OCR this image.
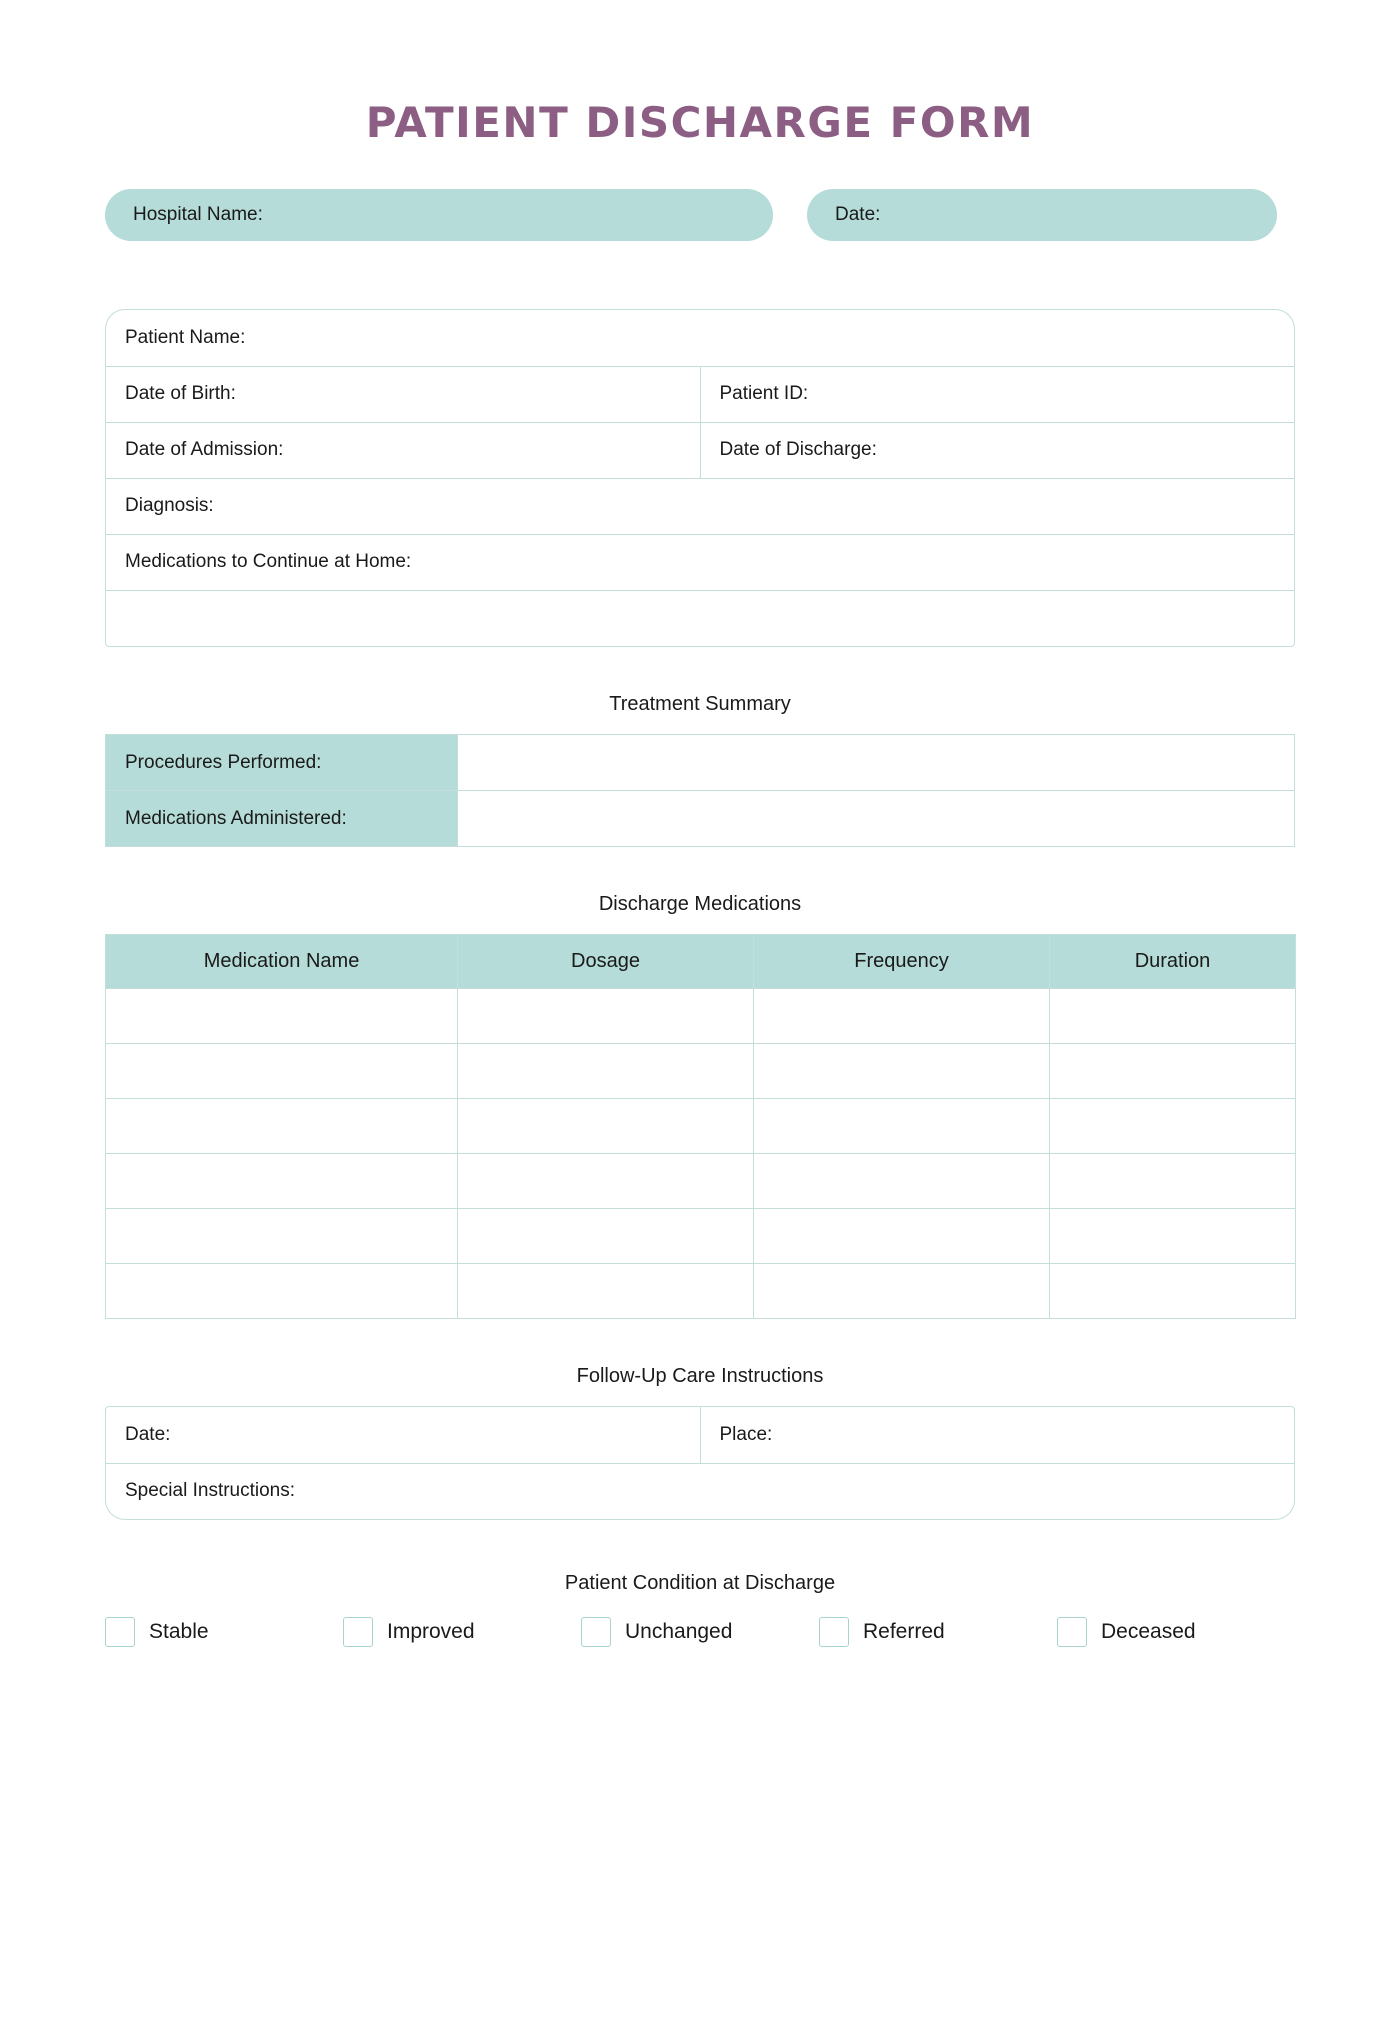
PATIENT DISCHARGE FORM
Hospital Name:	Date:
Patient Name:	
Date of Birth:	Patient ID:
Date of Admission:	Date of Discharge:
Diagnosis:	
Medications to Continue at Home:	

Treatment Summary
Procedures Performed:	
Medications Administered:	
Discharge Medications
Medication Name	Dosage	Frequency	Duration

Follow-Up Care Instructions
Date:	Place:
Special Instructions:
Patient Condition at Discharge
Stable	Improved	Unchanged	Referred	Deceased
